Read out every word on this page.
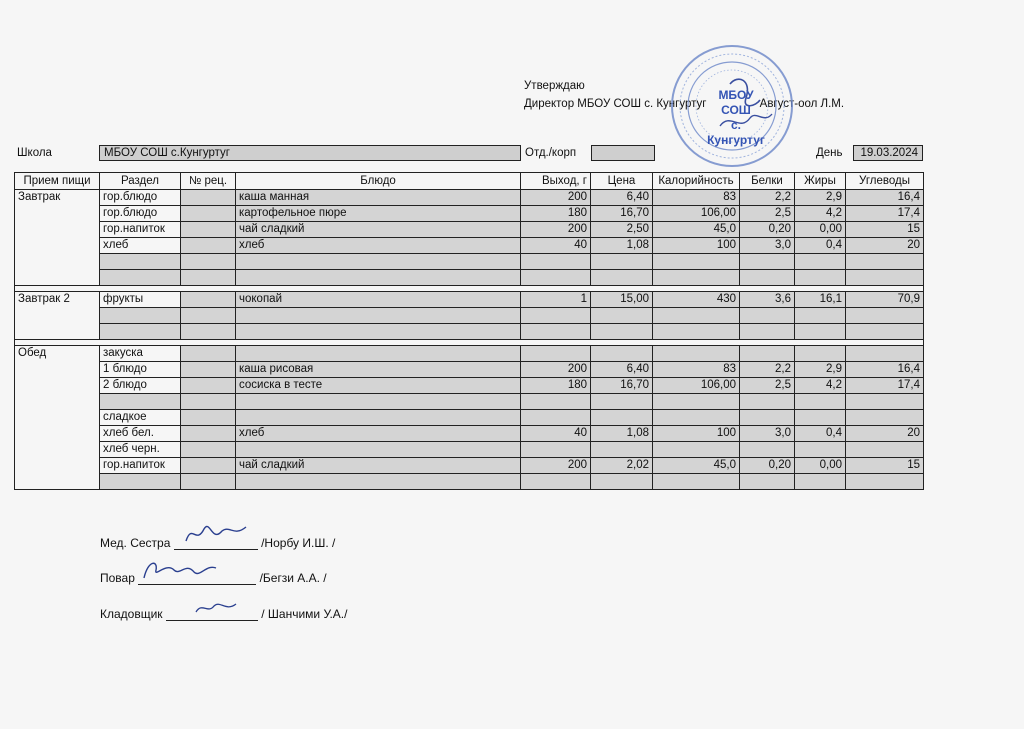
Утверждаю
Директор МБОУ СОШ с. Кунгуртуг	Август-оол Л.М.
МБОУ СОШ
с. Кунгуртуг
Школа	МБОУ СОШ с.Кунгуртуг	Отд./корп	День	19.03.2024
Прием пищи	Раздел	№ рец.	Блюдо	Выход, г	Цена	Калорийность	Белки	Жиры	Углеводы
Завтрак	гор.блюдо		каша манная	200	6,40	83	2,2	2,9	16,4
	гор.блюдо		картофельное пюре	180	16,70	106,00	2,5	4,2	17,4
	гор.напиток		чай сладкий	200	2,50	45,0	0,20	0,00	15
	хлеб		хлеб	40	1,08	100	3,0	0,4	20

Завтрак 2	фрукты		чокопай	1	15,00	430	3,6	16,1	70,9

Обед	закуска								
	1 блюдо		каша рисовая	200	6,40	83	2,2	2,9	16,4
	2 блюдо		сосиска в тесте	180	16,70	106,00	2,5	4,2	17,4

	сладкое								
	хлеб бел.		хлеб	40	1,08	100	3,0	0,4	20
	хлеб черн.								
	гор.напиток		чай сладкий	200	2,02	45,0	0,20	0,00	15

Мед. Сестра	/Норбу И.Ш. /
Повар	/Бегзи А.А. /
Кладовщик	/ Шанчими У.А./
